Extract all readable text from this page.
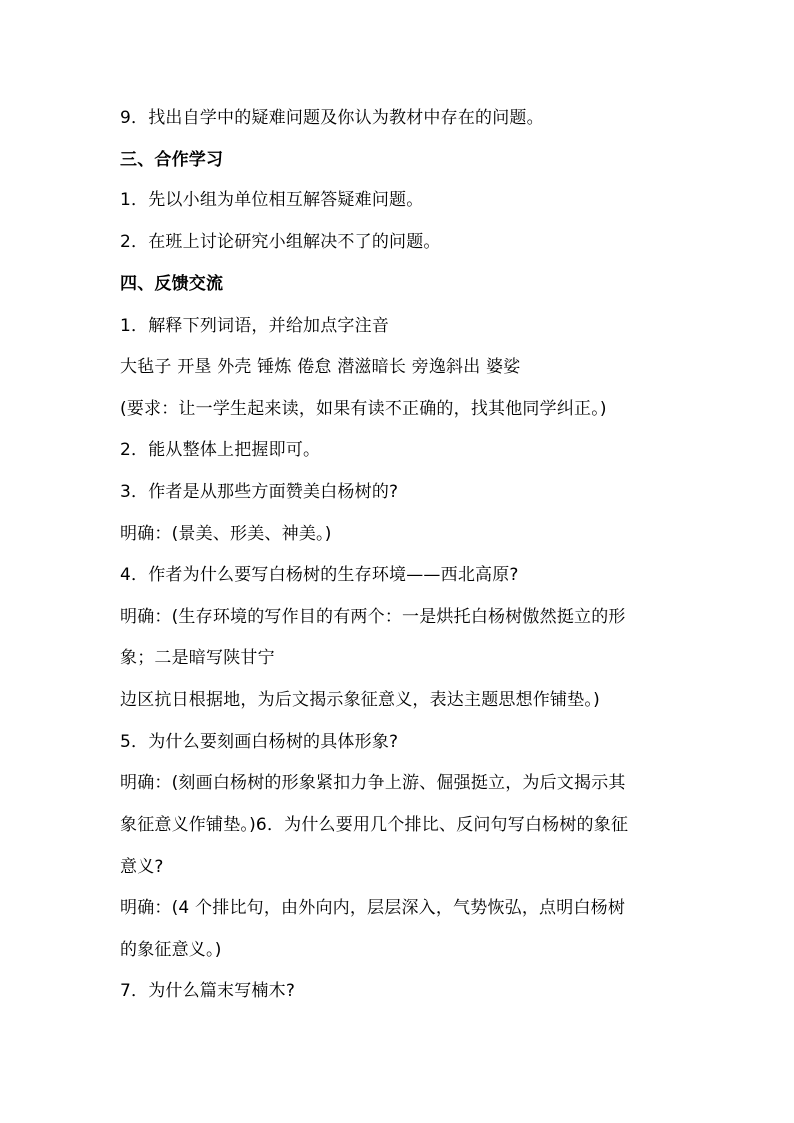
9．找出自学中的疑难问题及你认为教材中存在的问题。
三、合作学习
1．先以小组为单位相互解答疑难问题。
2．在班上讨论研究小组解决不了的问题。
四、反馈交流
1．解释下列词语，并给加点字注音
大毡子 开垦 外壳 锤炼 倦怠 潜滋暗长 旁逸斜出 婆娑
(要求：让一学生起来读，如果有读不正确的，找其他同学纠正。)
2．能从整体上把握即可。
3．作者是从那些方面赞美白杨树的?
明确：(景美、形美、神美。)
4．作者为什么要写白杨树的生存环境——西北高原?
明确：(生存环境的写作目的有两个：一是烘托白杨树傲然挺立的形
象；二是暗写陕甘宁
边区抗日根据地，为后文揭示象征意义，表达主题思想作铺垫。)
5．为什么要刻画白杨树的具体形象?
明确：(刻画白杨树的形象紧扣力争上游、倔强挺立，为后文揭示其
象征意义作铺垫。)6．为什么要用几个排比、反问句写白杨树的象征
意义?
明确：(4 个排比句，由外向内，层层深入，气势恢弘，点明白杨树
的象征意义。)
7．为什么篇末写楠木?
